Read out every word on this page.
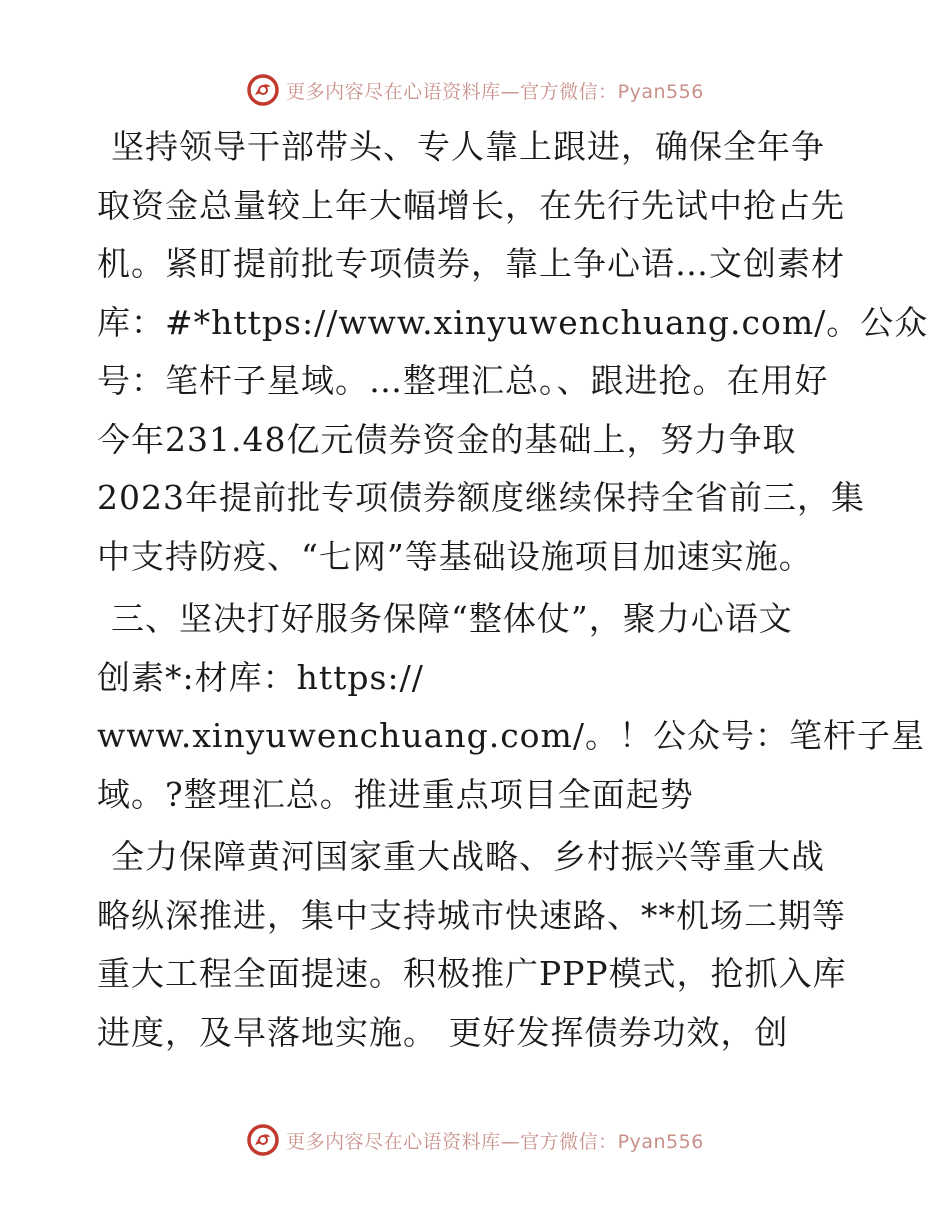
更多内容尽在心语资料库—官方微信：Pyan556
坚持领导干部带头、专人靠上跟进，确保全年争
取资金总量较上年大幅增长，在先行先试中抢占先
机。紧盯提前批专项债券，靠上争心语…文创素材
库：#*https://www.xinyuwenchuang.com/。公众
号：笔杆子星域。…整理汇总。、跟进抢。在用好
今年231.48亿元债券资金的基础上，努力争取
2023年提前批专项债券额度继续保持全省前三，集
中支持防疫、“七网”等基础设施项目加速实施。
三、坚决打好服务保障“整体仗”，聚力心语文
创素*:材库：https://
www.xinyuwenchuang.com/。！公众号：笔杆子星
域。?整理汇总。推进重点项目全面起势
全力保障黄河国家重大战略、乡村振兴等重大战
略纵深推进，集中支持城市快速路、**机场二期等
重大工程全面提速。积极推广PPP模式，抢抓入库
进度，及早落地实施。 更好发挥债券功效，创
更多内容尽在心语资料库—官方微信：Pyan556
